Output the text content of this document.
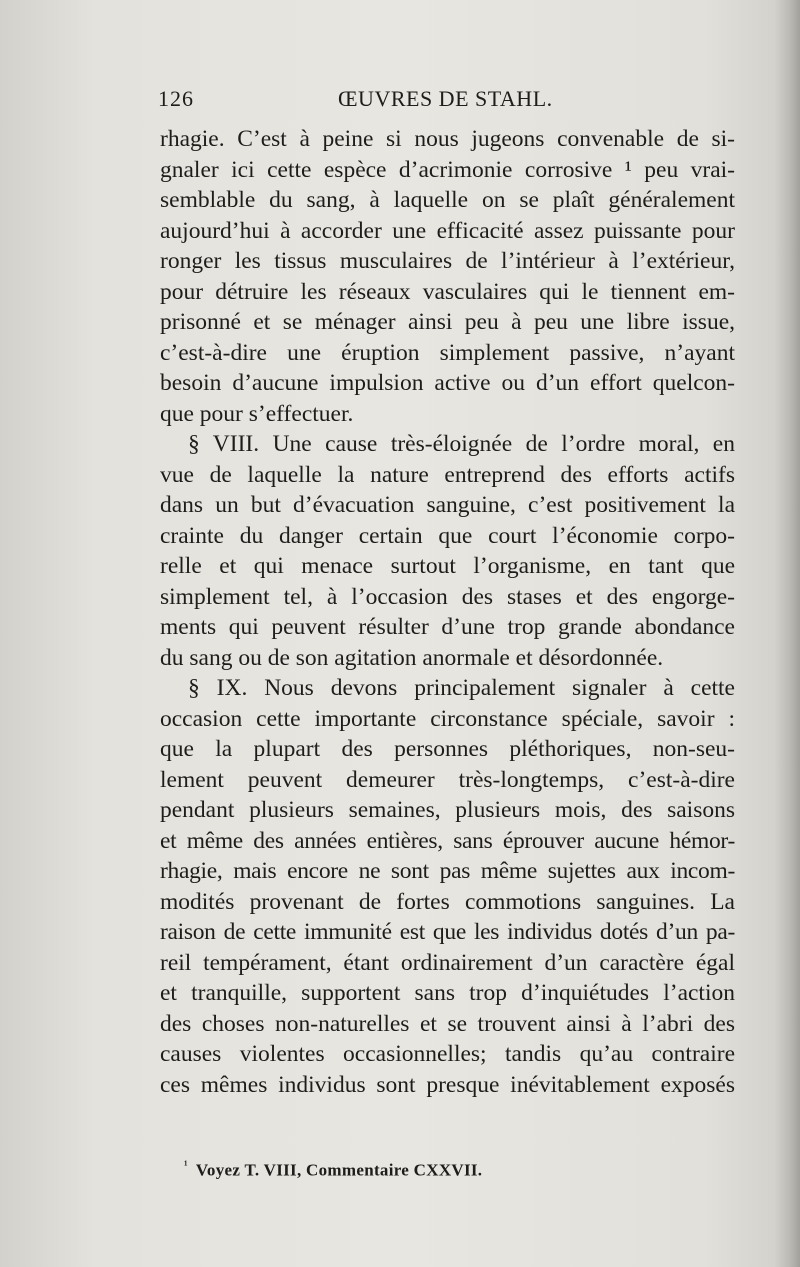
126	ŒUVRES DE STAHL.
rhagie. C’est à peine si nous jugeons convenable de si-
gnaler ici cette espèce d’acrimonie corrosive ¹ peu vrai-
semblable du sang, à laquelle on se plaît généralement
aujourd’hui à accorder une efficacité assez puissante pour
ronger les tissus musculaires de l’intérieur à l’extérieur,
pour détruire les réseaux vasculaires qui le tiennent em-
prisonné et se ménager ainsi peu à peu une libre issue,
c’est-à-dire une éruption simplement passive, n’ayant
besoin d’aucune impulsion active ou d’un effort quelcon-
que pour s’effectuer.
§ VIII. Une cause très-éloignée de l’ordre moral, en
vue de laquelle la nature entreprend des efforts actifs
dans un but d’évacuation sanguine, c’est positivement la
crainte du danger certain que court l’économie corpo-
relle et qui menace surtout l’organisme, en tant que
simplement tel, à l’occasion des stases et des engorge-
ments qui peuvent résulter d’une trop grande abondance
du sang ou de son agitation anormale et désordonnée.
§ IX. Nous devons principalement signaler à cette
occasion cette importante circonstance spéciale, savoir :
que la plupart des personnes pléthoriques, non-seu-
lement peuvent demeurer très-longtemps, c’est-à-dire
pendant plusieurs semaines, plusieurs mois, des saisons
et même des années entières, sans éprouver aucune hémor-
rhagie, mais encore ne sont pas même sujettes aux incom-
modités provenant de fortes commotions sanguines. La
raison de cette immunité est que les individus dotés d’un pa-
reil tempérament, étant ordinairement d’un caractère égal
et tranquille, supportent sans trop d’inquiétudes l’action
des choses non-naturelles et se trouvent ainsi à l’abri des
causes violentes occasionnelles; tandis qu’au contraire
ces mêmes individus sont presque inévitablement exposés
$^{^1}$ Voyez T. VIII, Commentaire CXXVII.
